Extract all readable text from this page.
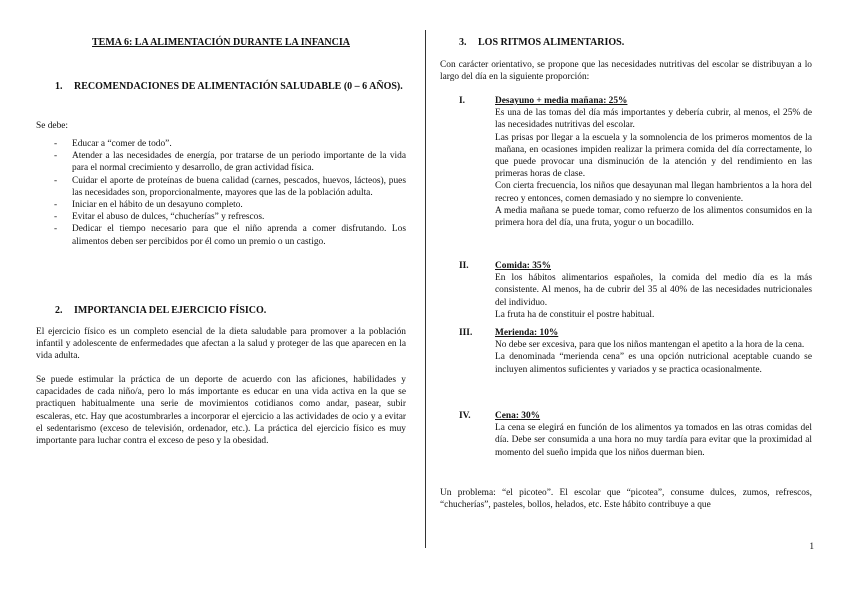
TEMA 6: LA ALIMENTACIÓN DURANTE LA INFANCIA
1. RECOMENDACIONES DE ALIMENTACIÓN SALUDABLE (0 – 6 AÑOS).
Se debe:
- Educar a “comer de todo”.
- Atender a las necesidades de energía, por tratarse de un periodo importante de la vida para el normal crecimiento y desarrollo, de gran actividad física.
- Cuidar el aporte de proteínas de buena calidad (carnes, pescados, huevos, lácteos), pues las necesidades son, proporcionalmente, mayores que las de la población adulta.
- Iniciar en el hábito de un desayuno completo.
- Evitar el abuso de dulces, “chucherías” y refrescos.
- Dedicar el tiempo necesario para que el niño aprenda a comer disfrutando. Los alimentos deben ser percibidos por él como un premio o un castigo.
2. IMPORTANCIA DEL EJERCICIO FÍSICO.
El ejercicio físico es un completo esencial de la dieta saludable para promover a la población infantil y adolescente de enfermedades que afectan a la salud y proteger de las que aparecen en la vida adulta.
Se puede estimular la práctica de un deporte de acuerdo con las aficiones, habilidades y capacidades de cada niño/a, pero lo más importante es educar en una vida activa en la que se practiquen habitualmente una serie de movimientos cotidianos como andar, pasear, subir escaleras, etc. Hay que acostumbrarles a incorporar el ejercicio a las actividades de ocio y a evitar el sedentarismo (exceso de televisión, ordenador, etc.). La práctica del ejercicio físico es muy importante para luchar contra el exceso de peso y la obesidad.
3. LOS RITMOS ALIMENTARIOS.
Con carácter orientativo, se propone que las necesidades nutritivas del escolar se distribuyan a lo largo del día en la siguiente proporción:
I.	Desayuno + media mañana: 25%
Es una de las tomas del día más importantes y debería cubrir, al menos, el 25% de las necesidades nutritivas del escolar.
Las prisas por llegar a la escuela y la somnolencia de los primeros momentos de la mañana, en ocasiones impiden realizar la primera comida del día correctamente, lo que puede provocar una disminución de la atención y del rendimiento en las primeras horas de clase.
Con cierta frecuencia, los niños que desayunan mal llegan hambrientos a la hora del recreo y entonces, comen demasiado y no siempre lo conveniente.
A media mañana se puede tomar, como refuerzo de los alimentos consumidos en la primera hora del día, una fruta, yogur o un bocadillo.
II.	Comida: 35%
En los hábitos alimentarios españoles, la comida del medio día es la más consistente. Al menos, ha de cubrir del 35 al 40% de las necesidades nutricionales del individuo.
La fruta ha de constituir el postre habitual.
III. Merienda: 10%
No debe ser excesiva, para que los niños mantengan el apetito a la hora de la cena.
La denominada “merienda cena” es una opción nutricional aceptable cuando se incluyen alimentos suficientes y variados y se practica ocasionalmente.
IV.	Cena: 30%
La cena se elegirá en función de los alimentos ya tomados en las otras comidas del día. Debe ser consumida a una hora no muy tardía para evitar que la proximidad al momento del sueño impida que los niños duerman bien.
Un problema: “el picoteo”. El escolar que “picotea”, consume dulces, zumos, refrescos, “chucherías”, pasteles, bollos, helados, etc. Este hábito contribuye a que
1
